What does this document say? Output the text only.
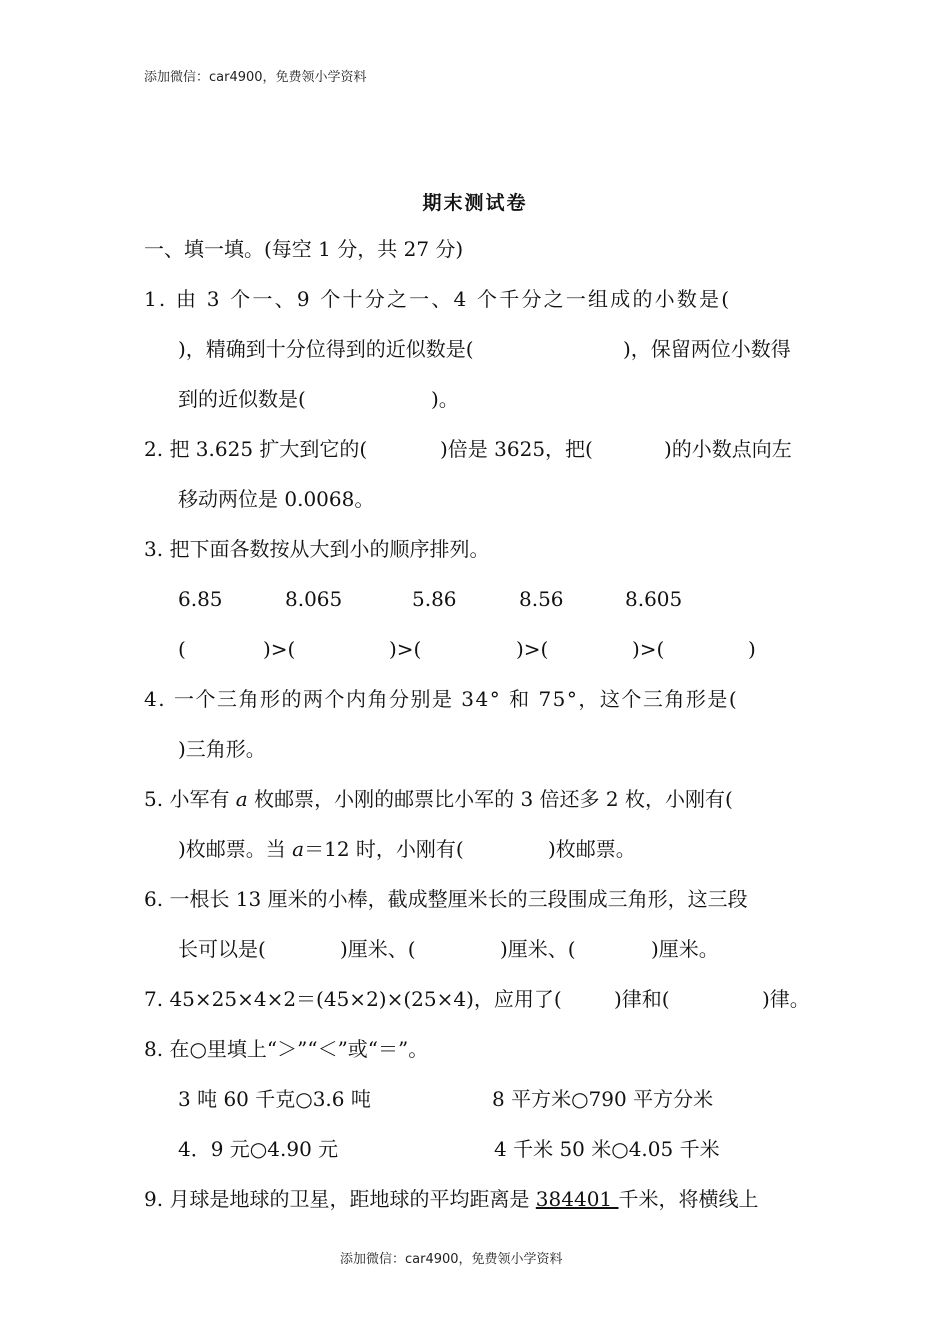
添加微信：car4900，免费领小学资料
期末测试卷
一、填一填。(每空 1 分，共 27 分)
1. 由 3 个一、9 个十分之一、4 个千分之一组成的小数是(
)，精确到十分位得到的近似数是(	)，保留两位小数得
到的近似数是(	)。
2. 把 3.625 扩大到它的(	)倍是 3625，把(	)的小数点向左
移动两位是 0.0068。
3. 把下面各数按从大到小的顺序排列。
6.85	8.065	5.86	8.56	8.605
(	)>(	)>(	)>(	)>(	)
4. 一个三角形的两个内角分别是 34° 和 75°，这个三角形是(
)三角形。
5. 小军有 a 枚邮票，小刚的邮票比小军的 3 倍还多 2 枚，小刚有(
)枚邮票。当 a＝12 时，小刚有(	)枚邮票。
6. 一根长 13 厘米的小棒，截成整厘米长的三段围成三角形，这三段
长可以是(	)厘米、(	)厘米、(	)厘米。
7. 45×25×4×2＝(45×2)×(25×4)，应用了(	)律和(	)律。
8. 在○里填上“＞”“＜”或“＝”。
3 吨 60 千克○3.6 吨	8 平方米○790 平方分米
4．9 元○4.90 元	4 千米 50 米○4.05 千米
9. 月球是地球的卫星，距地球的平均距离是 384401 千米，将横线上
添加微信：car4900，免费领小学资料
